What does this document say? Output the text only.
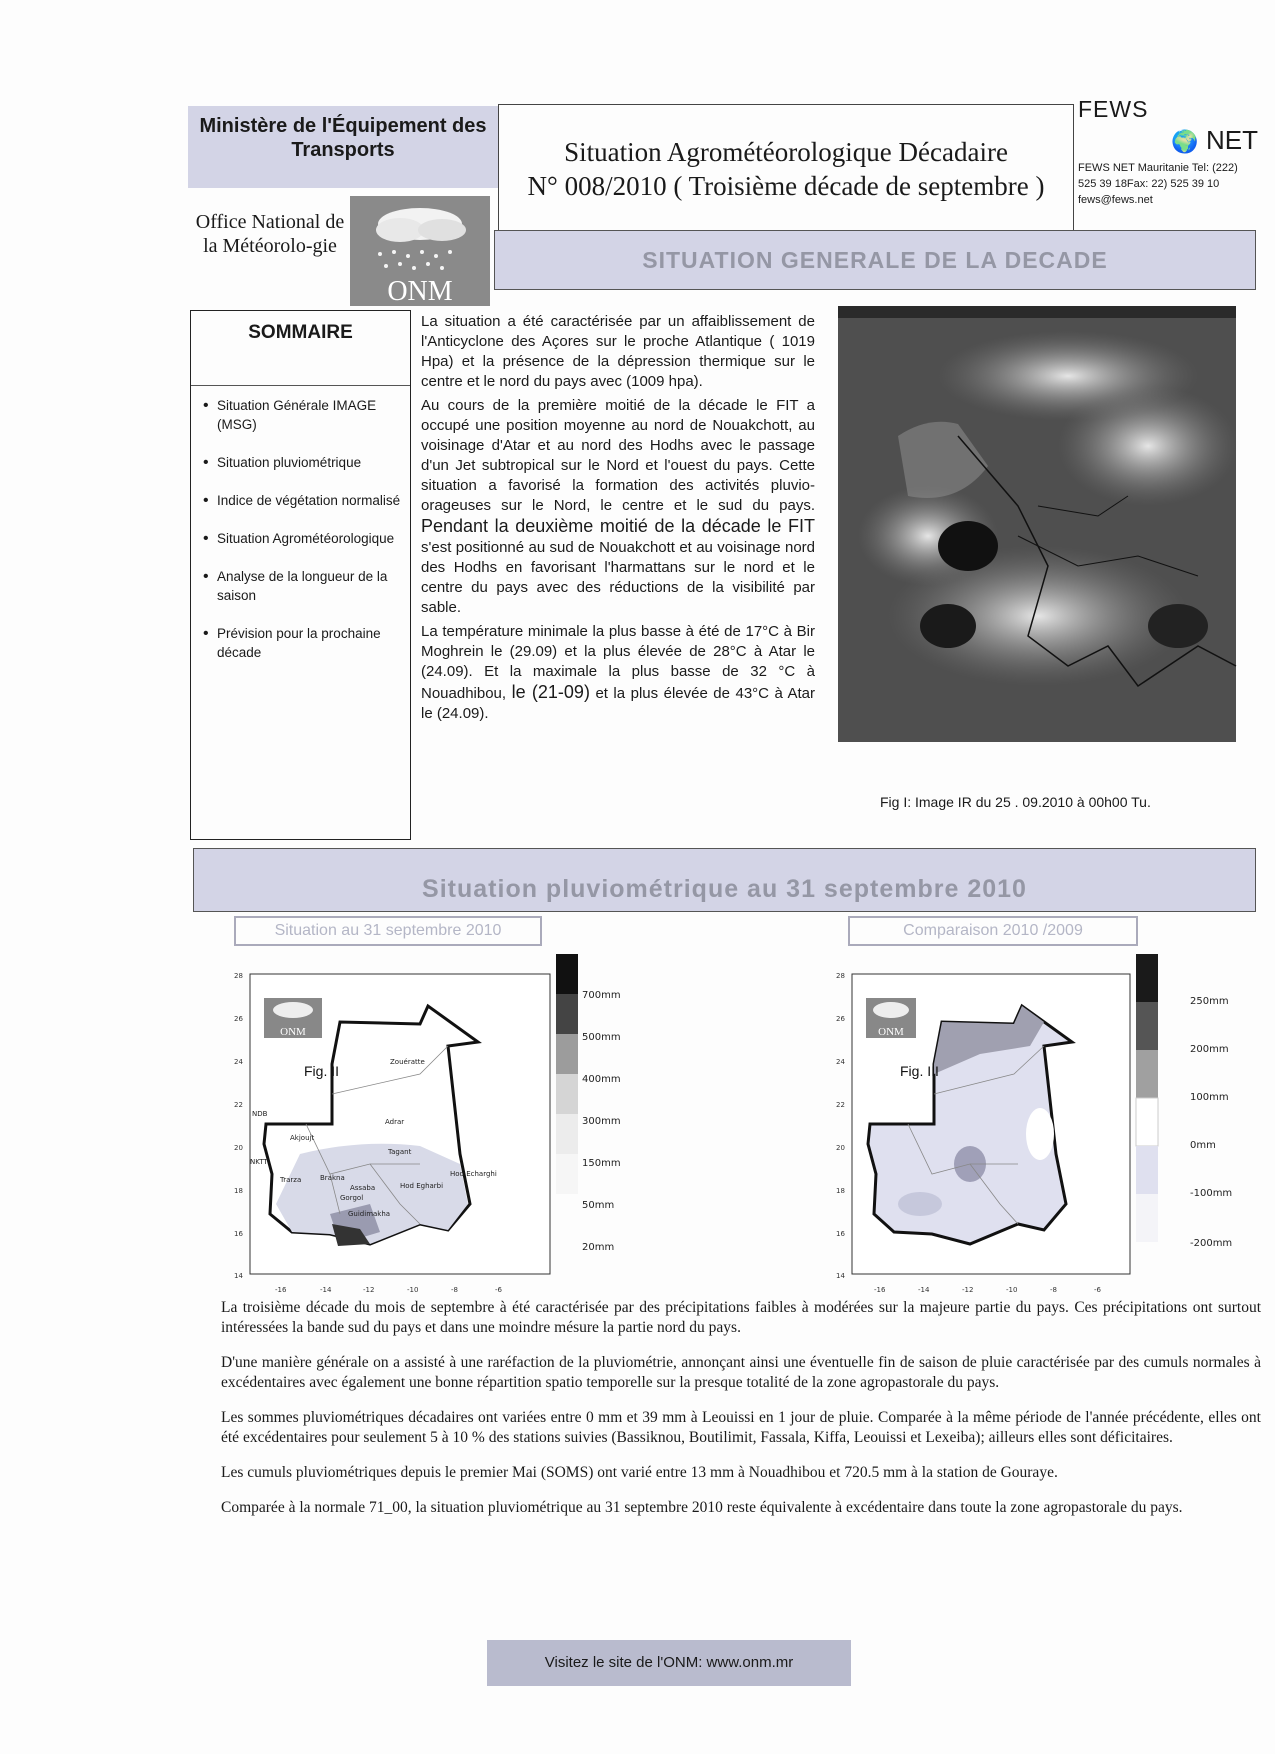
Ministère de l'Équipement des Transports
Office National de la Météorolo-gie
ONM
Situation Agrométéorologique Décadaire
N° 008/2010 ( Troisième décade de septembre )
FEWS
🌍 NET
FEWS NET Mauritanie Tel: (222) 525 39 18Fax: 22) 525 39 10 fews@fews.net
SITUATION GENERALE DE LA DECADE
SOMMAIRE
• Situation Générale IMAGE (MSG)
• Situation pluviométrique
• Indice de végétation normalisé
• Situation Agrométéorologique
• Analyse de la longueur de la saison
• Prévision pour la prochaine décade

La situation a été caractérisée par un affaiblissement de l'Anticyclone des Açores sur le proche Atlantique ( 1019 Hpa) et la présence de la dépression thermique sur le centre et le nord du pays avec (1009 hpa).

Au cours de la première moitié de la décade le FIT a occupé une position moyenne au nord de Nouakchott, au voisinage d'Atar et au nord des Hodhs avec le passage d'un Jet subtropical sur le Nord et l'ouest du pays. Cette situation a favorisé la formation des activités pluvio-orageuses sur le Nord, le centre et le sud du pays. Pendant la deuxième moitié de la décade le FIT s'est positionné au sud de Nouakchott et au voisinage nord des Hodhs en favorisant l'harmattans sur le nord et le centre du pays avec des réductions de la visibilité par sable.

La température minimale la plus basse à été de 17°C à Bir Moghrein le (29.09) et la plus élevée de 28°C à Atar le (24.09). Et la maximale la plus basse de 32 °C à Nouadhibou, le (21-09) et la plus élevée de 43°C à Atar le (24.09).

Fig I: Image IR du 25 . 09.2010 à 00h00 Tu.
Situation pluviométrique au 31 septembre 2010
Situation au 31 septembre 2010
28
26
24
22
20
18
16
14
-16	-14	-12	-10	-8	-6
ONM
Zouératte
Adrar
Akjoujt
NDB
NKTT
Tagant
Hod Echarghi
Trarza	Brakna
Assaba	Hod Egharbi
Gorgol
Guidimakha
Fig. II
700mm
500mm
400mm
300mm
150mm
50mm
20mm
Comparaison 2010 /2009
28
26
24
22
20
18
16
14
-16	-14	-12	-10	-8	-6
ONM
Fig. III
250mm
200mm
100mm
0mm
-100mm
-200mm

La troisième décade du mois de septembre à été caractérisée par des précipitations faibles à modérées sur la majeure partie du pays. Ces précipitations ont surtout intéressées la bande sud du pays et dans une moindre mésure la partie nord du pays.

D'une manière générale on a assisté à une raréfaction de la pluviométrie, annonçant ainsi une éventuelle fin de saison de pluie caractérisée par des cumuls normales à excédentaires avec également une bonne répartition spatio temporelle sur la presque totalité de la zone agropastorale du pays.

Les sommes pluviométriques décadaires ont variées entre 0 mm et 39 mm à Leouissi en 1 jour de pluie. Comparée à la même période de l'année précédente, elles ont été excédentaires pour seulement 5 à 10 % des stations suivies (Bassiknou, Boutilimit, Fassala, Kiffa, Leouissi et Lexeiba); ailleurs elles sont déficitaires.

Les cumuls pluviométriques depuis le premier Mai (SOMS) ont varié entre 13 mm à Nouadhibou et 720.5 mm à la station de Gouraye.

Comparée à la normale 71_00, la situation pluviométrique au 31 septembre 2010 reste équivalente à excédentaire dans toute la zone agropastorale du pays.

Visitez le site de l'ONM: www.onm.mr
